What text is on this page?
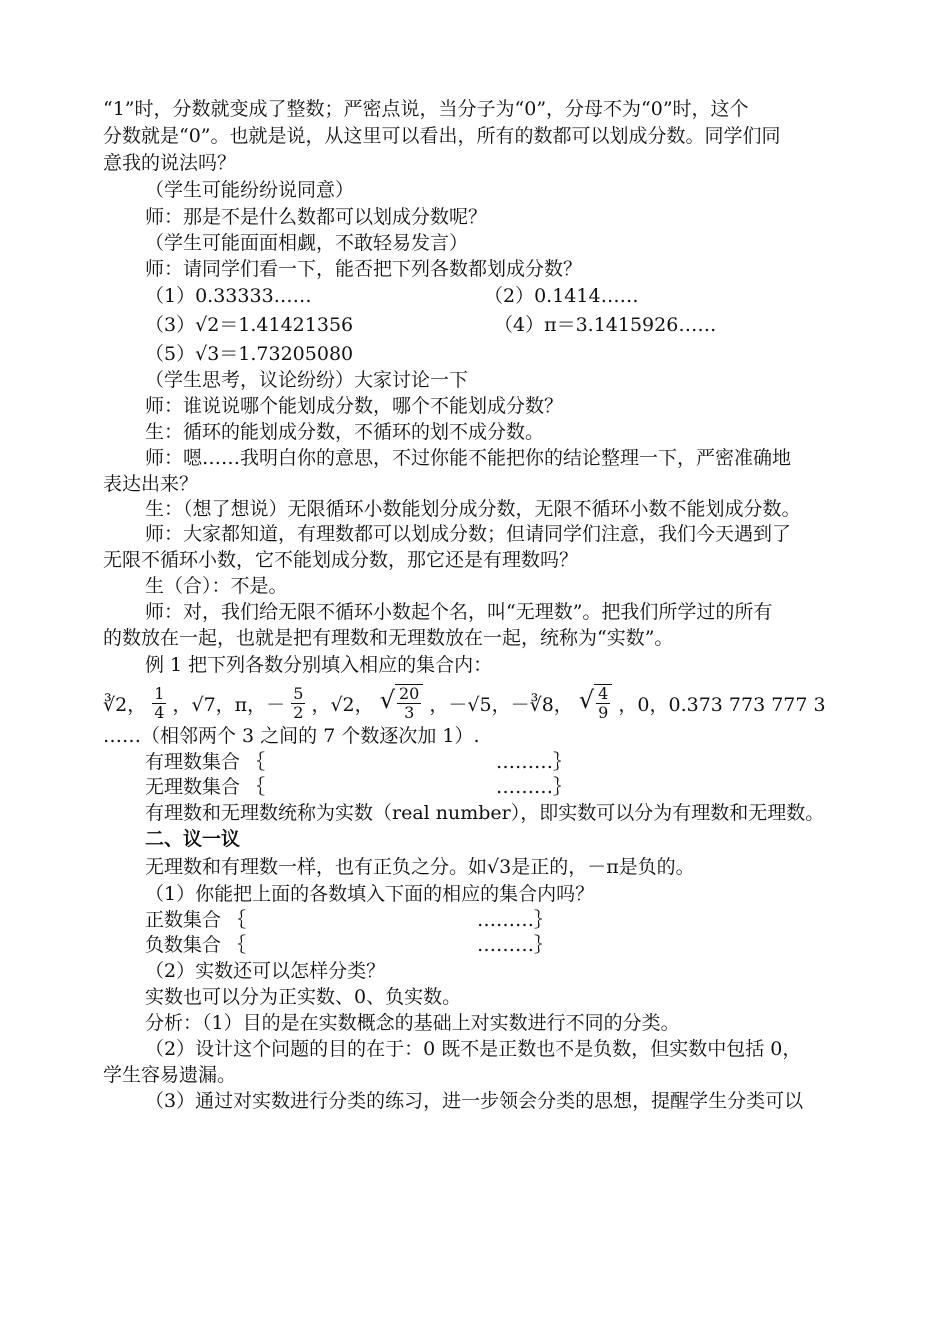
“1”时，分数就变成了整数；严密点说，当分子为“0”，分母不为“0”时，这个
分数就是“0”。也就是说，从这里可以看出，所有的数都可以划成分数。同学们同
意我的说法吗？
（学生可能纷纷说同意）
师：那是不是什么数都可以划成分数呢？
（学生可能面面相觑，不敢轻易发言）
师：请同学们看一下，能否把下列各数都划成分数？
（1）0.33333……	（2）0.1414……
（3）√2＝1.41421356	（4）π＝3.1415926……
（5）√3＝1.73205080
（学生思考，议论纷纷）大家讨论一下
师：谁说说哪个能划成分数，哪个不能划成分数？
生：循环的能划成分数，不循环的划不成分数。
师：嗯……我明白你的意思，不过你能不能把你的结论整理一下，严密准确地
表达出来？
生：（想了想说）无限循环小数能划分成分数，无限不循环小数不能划成分数。
师：大家都知道，有理数都可以划成分数；但请同学们注意，我们今天遇到了
无限不循环小数，它不能划成分数，那它还是有理数吗？
生（合）：不是。
师：对，我们给无限不循环小数起个名，叫“无理数”。把我们所学过的所有
的数放在一起，也就是把有理数和无理数放在一起，统称为“实数”。
例 1 把下列各数分别填入相应的集合内：
∛2， $\frac{1}{4}$ ，√7，π，－ $\frac{5}{2}$ ，√2， √ $\frac{20}{3}$ ，－√5，－∛8， √ $\frac{4}{9}$ ，0，0.373 773 777 3
……（相邻两个 3 之间的 7 个数逐次加 1）.
有理数集合 ｛	………｝
无理数集合 ｛	………｝
有理数和无理数统称为实数（real number），即实数可以分为有理数和无理数。
二、议一议
无理数和有理数一样，也有正负之分。如√3是正的，－π是负的。
（1）你能把上面的各数填入下面的相应的集合内吗？
正数集合 ｛	………｝
负数集合 ｛	………｝
（2）实数还可以怎样分类？
实数也可以分为正实数、0、负实数。
分析：（1）目的是在实数概念的基础上对实数进行不同的分类。
（2）设计这个问题的目的在于：0 既不是正数也不是负数，但实数中包括 0，
学生容易遗漏。
（3）通过对实数进行分类的练习，进一步领会分类的思想，提醒学生分类可以
